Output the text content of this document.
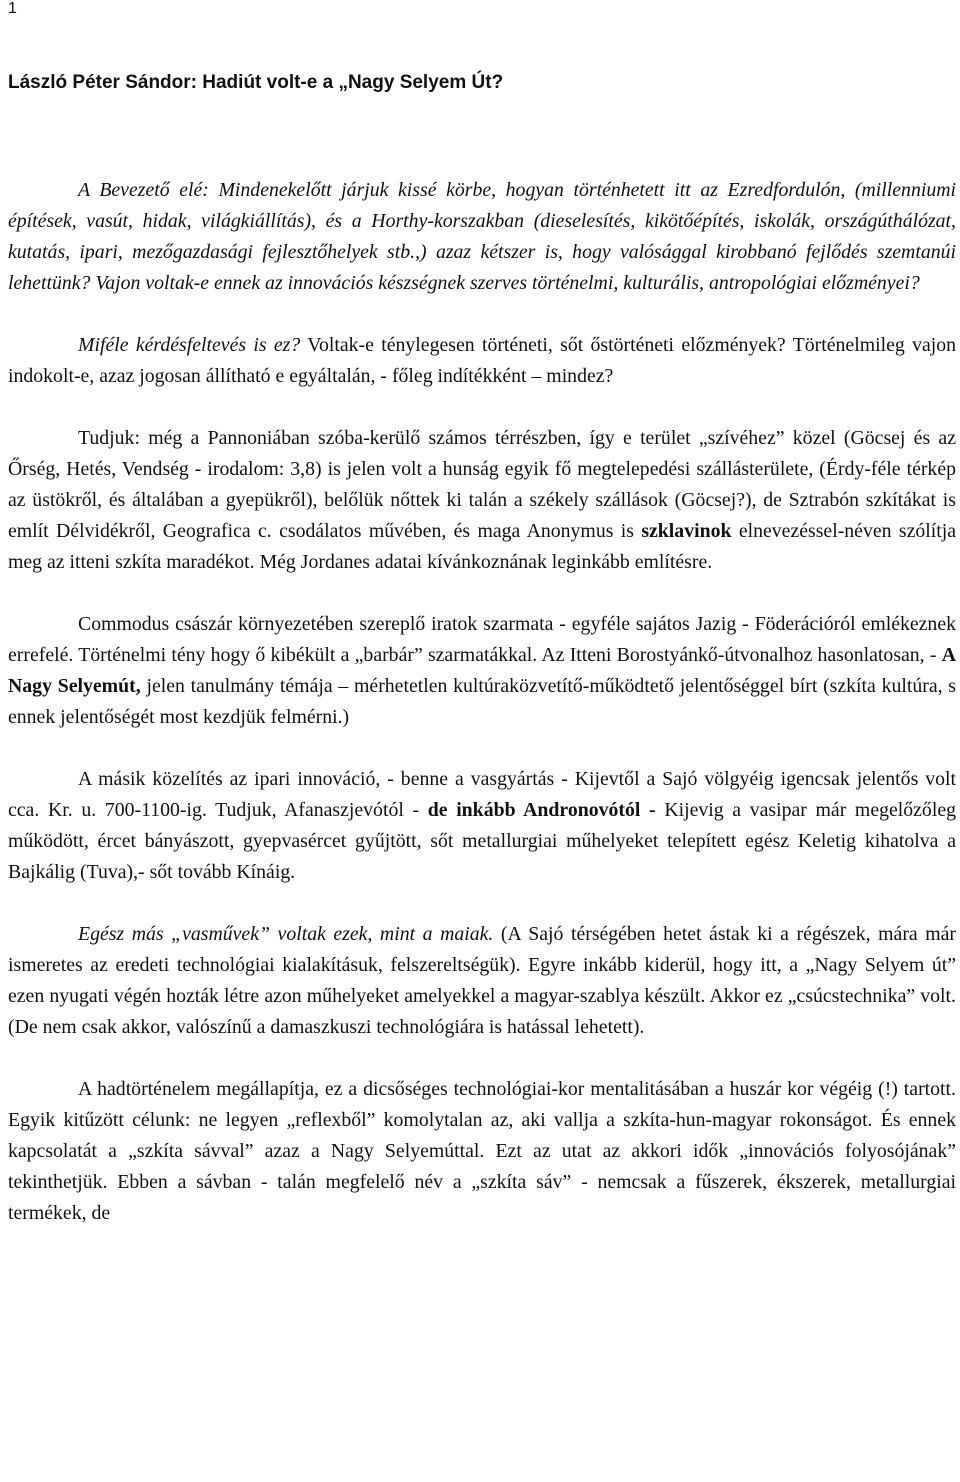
1
László Péter Sándor: Hadiút volt-e a „Nagy Selyem Út?

A Bevezető elé: Mindenekelőtt járjuk kissé körbe, hogyan történhetett itt az Ezredfordulón, (millenniumi építések, vasút, hidak, világkiállítás), és a Horthy-korszakban (dieselesítés, kikötőépítés, iskolák, országúthálózat, kutatás, ipari, mezőgazdasági fejlesztőhelyek stb.,) azaz kétszer is, hogy valósággal kirobbanó fejlődés szemtanúi lehettünk? Vajon voltak-e ennek az innovációs készségnek szerves történelmi, kulturális, antropológiai előzményei?

Miféle kérdésfeltevés is ez? Voltak-e ténylegesen történeti, sőt őstörténeti előzmények? Történelmileg vajon indokolt-e, azaz jogosan állítható e egyáltalán, - főleg indítékként – mindez?

Tudjuk: még a Pannoniában szóba-kerülő számos térrészben, így e terület „szívéhez” közel (Göcsej és az Őrség, Hetés, Vendség - irodalom: 3,8) is jelen volt a hunság egyik fő megtelepedési szállásterülete, (Érdy-féle térkép az üstökről, és általában a gyepükről), belőlük nőttek ki talán a székely szállások (Göcsej?), de Sztrabón szkítákat is említ Délvidékről, Geografica c. csodálatos művében, és maga Anonymus is szklavinok elnevezéssel-néven szólítja meg az itteni szkíta maradékot. Még Jordanes adatai kívánkoznának leginkább említésre.

Commodus császár környezetében szereplő iratok szarmata - egyféle sajátos Jazig - Föderációról emlékeznek errefelé. Történelmi tény hogy ő kibékült a „barbár” szarmatákkal. Az Itteni Borostyánkő-útvonalhoz hasonlatosan, - A Nagy Selyemút, jelen tanulmány témája – mérhetetlen kultúraközvetítő-működtető jelentőséggel bírt (szkíta kultúra, s ennek jelentőségét most kezdjük felmérni.)

A másik közelítés az ipari innováció, - benne a vasgyártás - Kijevtől a Sajó völgyéig igencsak jelentős volt cca. Kr. u. 700-1100-ig. Tudjuk, Afanaszjevótól - de inkább Andronovótól - Kijevig a vasipar már megelőzőleg működött, ércet bányászott, gyepvasércet gyűjtött, sőt metallurgiai műhelyeket telepített egész Keletig kihatolva a Bajkálig (Tuva),- sőt tovább Kínáig.

Egész más „vasművek” voltak ezek, mint a maiak. (A Sajó térségében hetet ástak ki a régészek, mára már ismeretes az eredeti technológiai kialakításuk, felszereltségük). Egyre inkább kiderül, hogy itt, a „Nagy Selyem út” ezen nyugati végén hozták létre azon műhelyeket amelyekkel a magyar-szablya készült. Akkor ez „csúcstechnika” volt. (De nem csak akkor, valószínű a damaszkuszi technológiára is hatással lehetett).

A hadtörténelem megállapítja, ez a dicsőséges technológiai-kor mentalitásában a huszár kor végéig (!) tartott. Egyik kitűzött célunk: ne legyen „reflexből” komolytalan az, aki vallja a szkíta-hun-magyar rokonságot. És ennek kapcsolatát a „szkíta sávval” azaz a Nagy Selyemúttal. Ezt az utat az akkori idők „innovációs folyosójának” tekinthetjük. Ebben a sávban - talán megfelelő név a „szkíta sáv” - nemcsak a fűszerek, ékszerek, metallurgiai termékek, de
